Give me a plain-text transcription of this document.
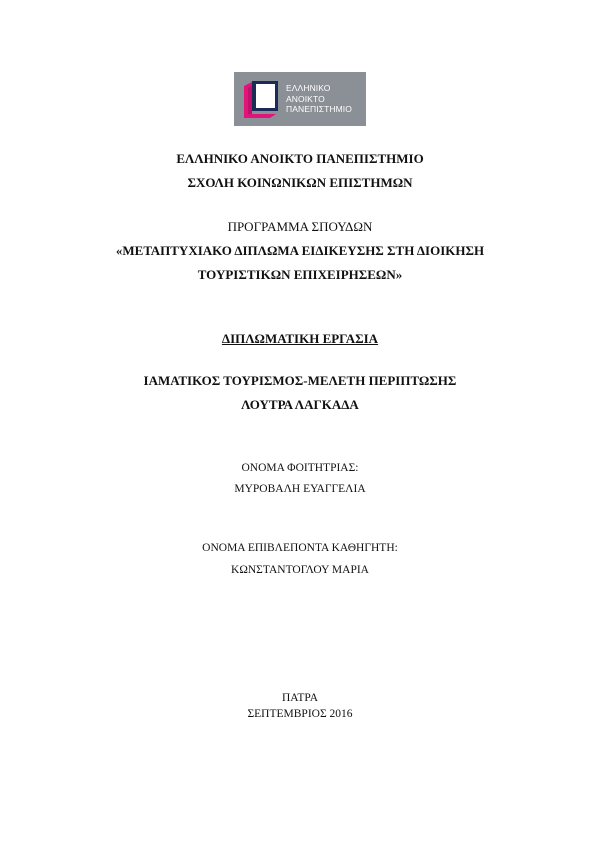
ΕΛΛΗΝΙΚΟ
ΑΝΟΙΚΤΟ
ΠΑΝΕΠΙΣΤΗΜΙΟ
ΕΛΛΗΝΙΚΟ ΑΝΟΙΚΤΟ ΠΑΝΕΠΙΣΤΗΜΙΟ
ΣΧΟΛΗ ΚΟΙΝΩΝΙΚΩΝ ΕΠΙΣΤΗΜΩΝ
ΠΡΟΓΡΑΜΜΑ ΣΠΟΥΔΩΝ
«ΜΕΤΑΠΤΥΧΙΑΚΟ ΔΙΠΛΩΜΑ ΕΙΔΙΚΕΥΣΗΣ ΣΤΗ ΔΙΟΙΚΗΣΗ
ΤΟΥΡΙΣΤΙΚΩΝ ΕΠΙΧΕΙΡΗΣΕΩΝ»
ΔΙΠΛΩΜΑΤΙΚΗ ΕΡΓΑΣΙΑ
ΙΑΜΑΤΙΚΟΣ ΤΟΥΡΙΣΜΟΣ-ΜΕΛΕΤΗ ΠΕΡΙΠΤΩΣΗΣ
ΛΟΥΤΡΑ ΛΑΓΚΑΔΑ
ΟΝΟΜΑ ΦΟΙΤΗΤΡΙΑΣ:
ΜΥΡΟΒΑΛΗ ΕΥΑΓΓΕΛΙΑ
ΟΝΟΜΑ ΕΠΙΒΛΕΠΟΝΤΑ ΚΑΘΗΓΗΤΗ:
ΚΩΝΣΤΑΝΤΟΓΛΟΥ ΜΑΡΙΑ
ΠΑΤΡΑ
ΣΕΠΤΕΜΒΡΙΟΣ 2016
